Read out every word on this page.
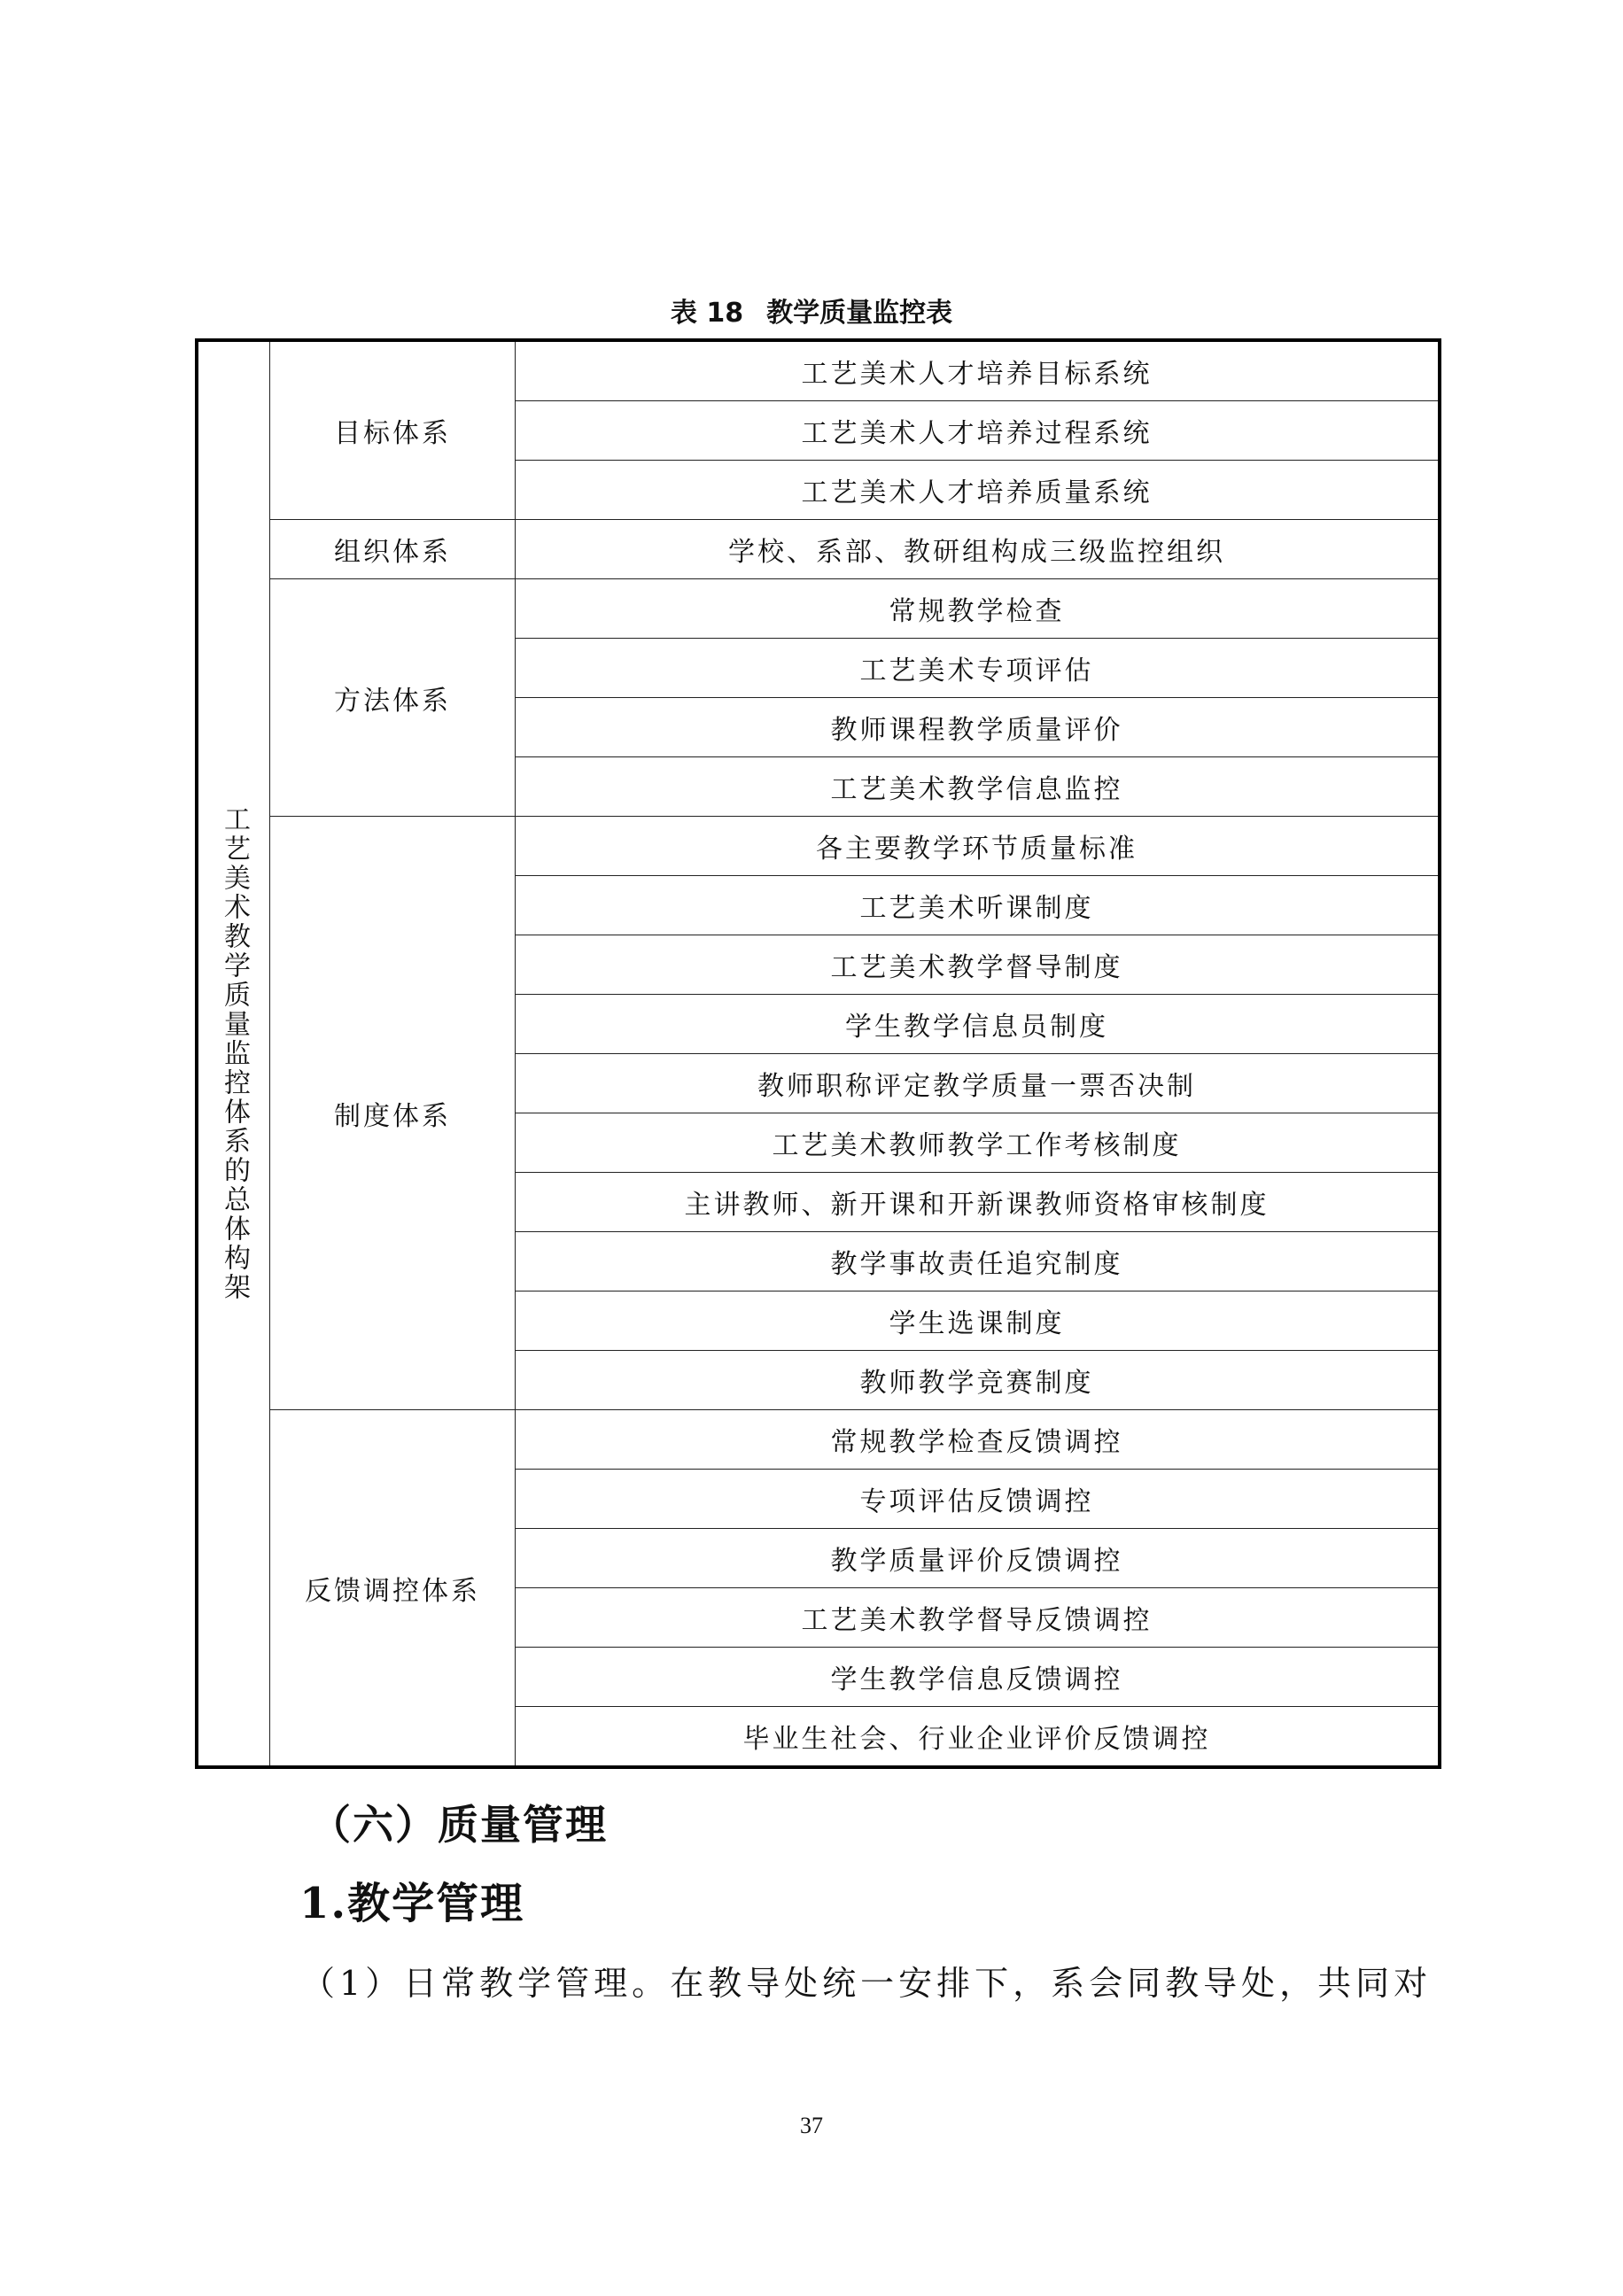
表 18 教学质量监控表
工艺美术教学质量监控体系的总体构架	目标体系	工艺美术人才培养目标系统
		工艺美术人才培养过程系统
		工艺美术人才培养质量系统
	组织体系	学校、系部、教研组构成三级监控组织
	方法体系	常规教学检查
		工艺美术专项评估
		教师课程教学质量评价
		工艺美术教学信息监控
	制度体系	各主要教学环节质量标准
		工艺美术听课制度
		工艺美术教学督导制度
		学生教学信息员制度
		教师职称评定教学质量一票否决制
		工艺美术教师教学工作考核制度
		主讲教师、新开课和开新课教师资格审核制度
		教学事故责任追究制度
		学生选课制度
		教师教学竞赛制度
	反馈调控体系	常规教学检查反馈调控
		专项评估反馈调控
		教学质量评价反馈调控
		工艺美术教学督导反馈调控
		学生教学信息反馈调控
		毕业生社会、行业企业评价反馈调控
（六）质量管理
1.教学管理
（1）日常教学管理。在教导处统一安排下，系会同教导处，共同对
37
